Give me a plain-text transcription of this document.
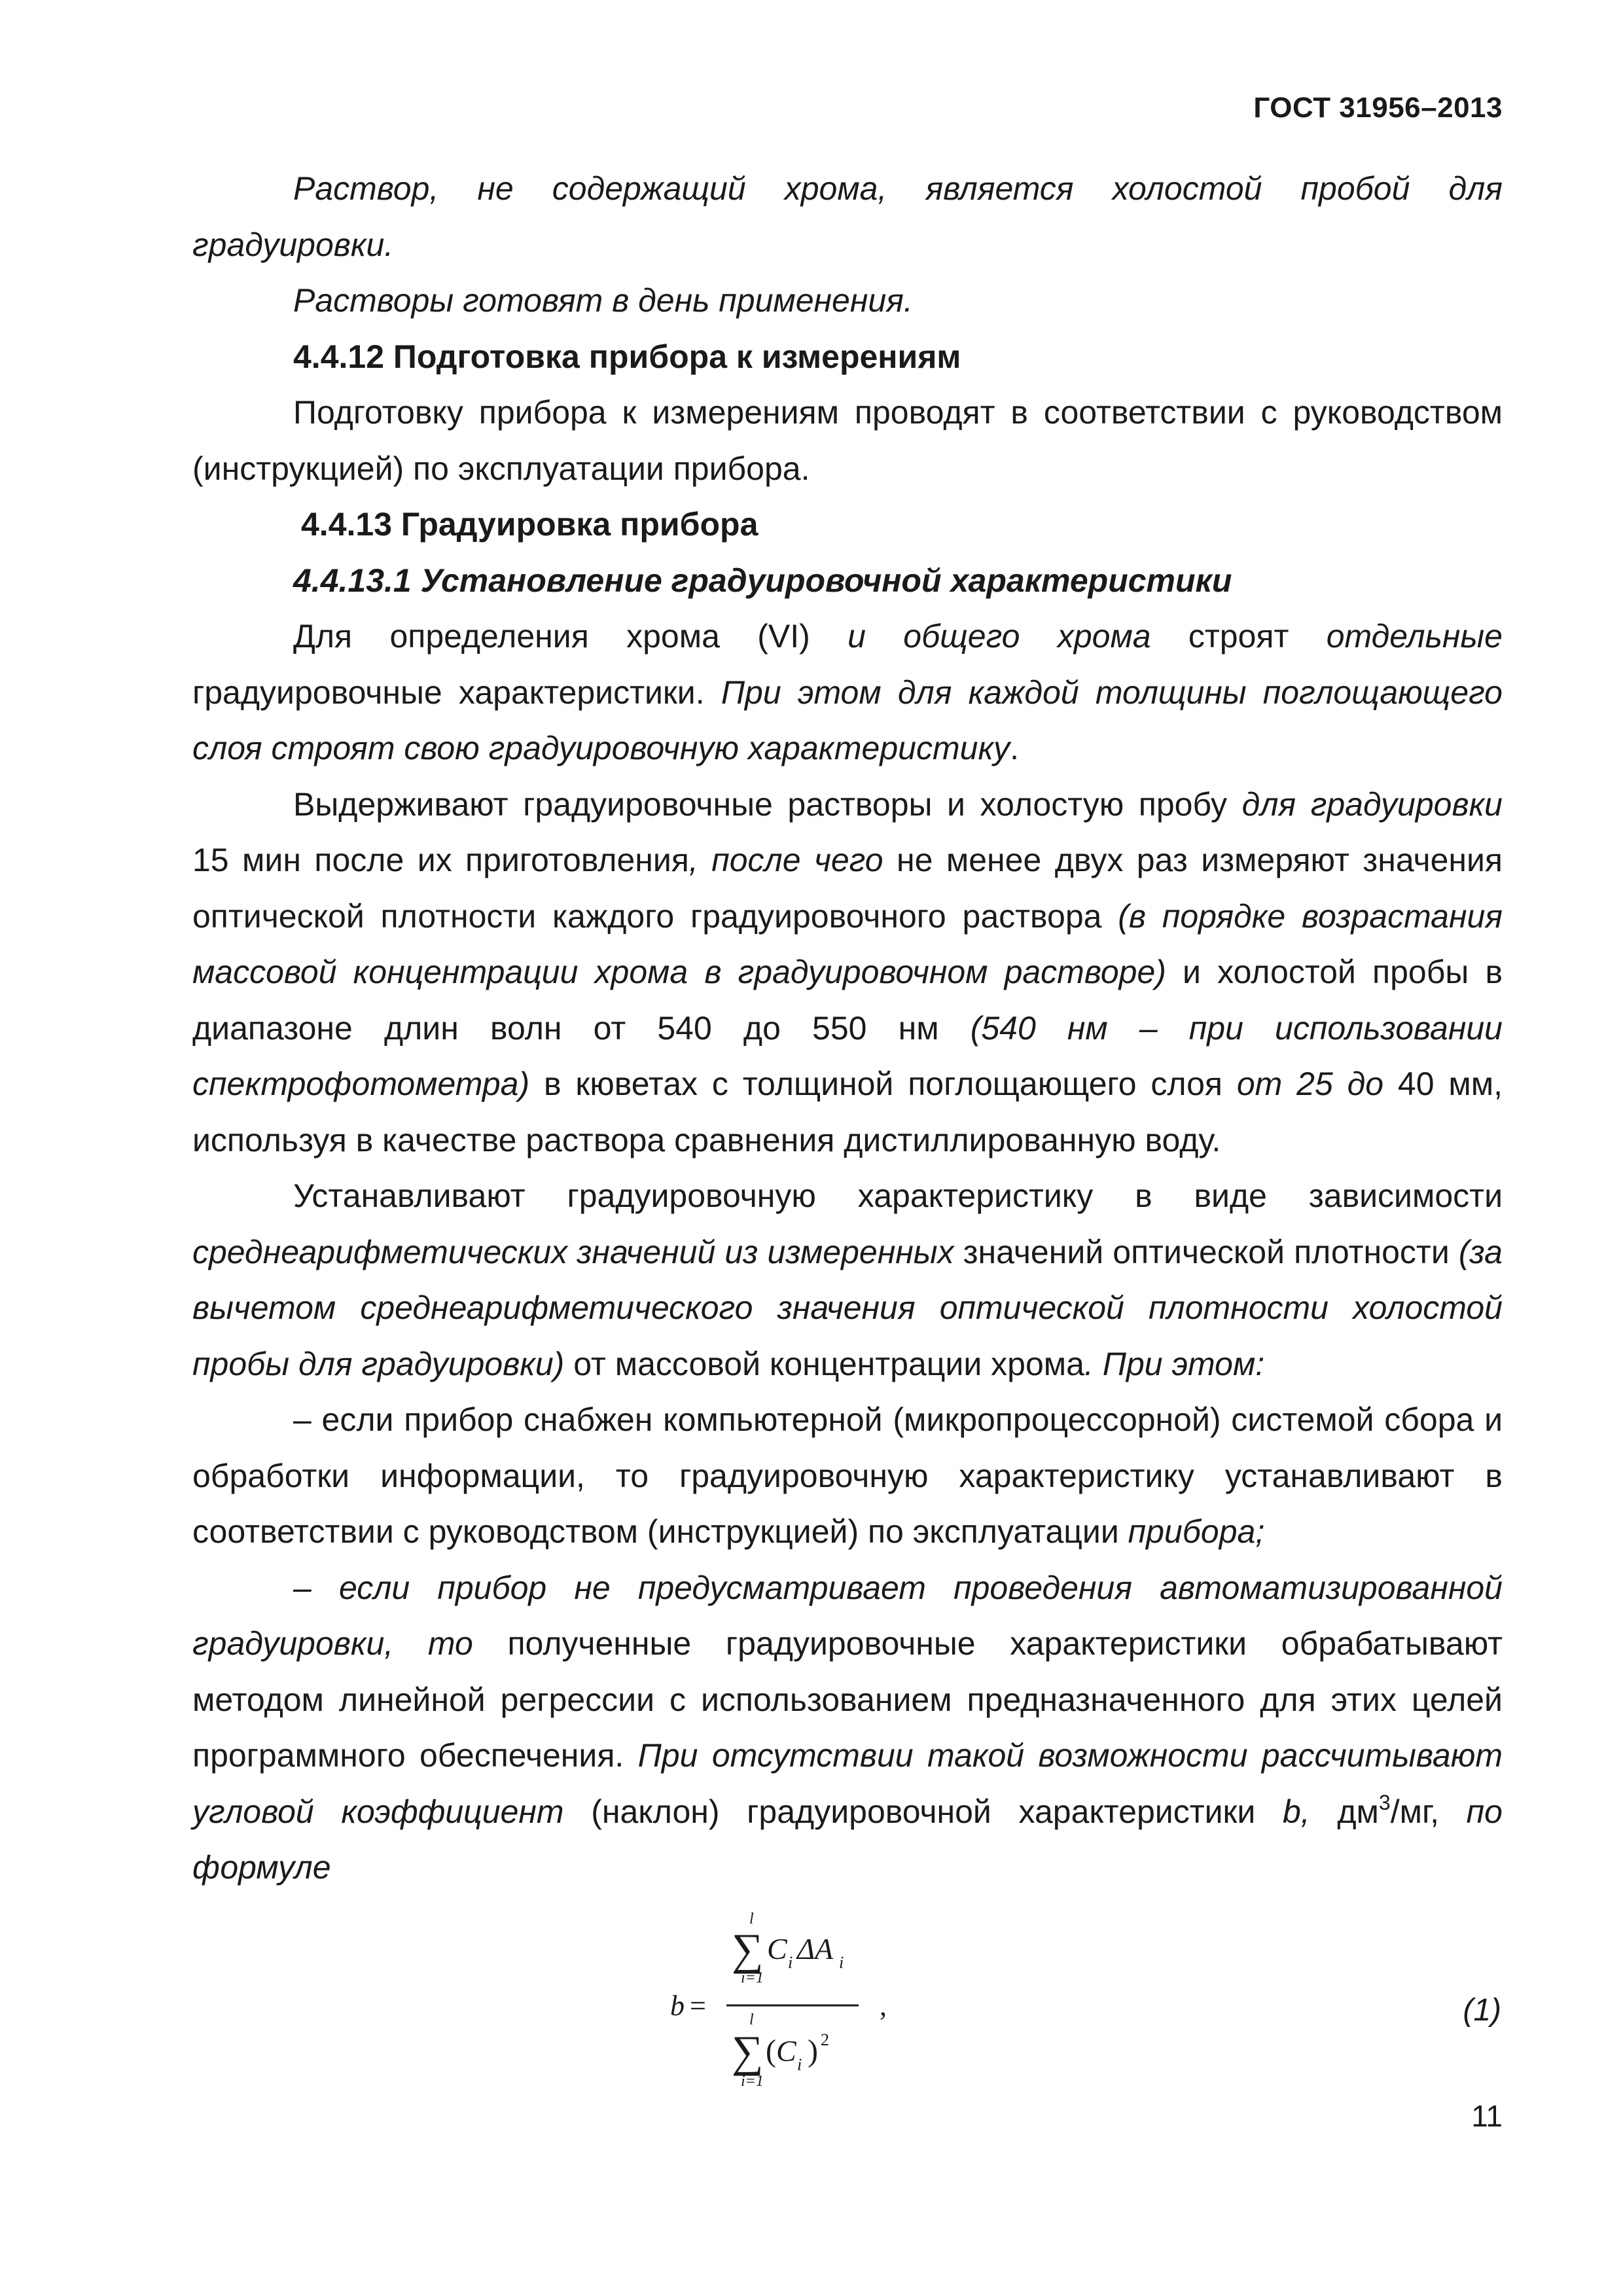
ГОСТ 31956–2013

Раствор, не содержащий хрома, является холостой пробой для градуировки.

Растворы готовят в день применения.

4.4.12 Подготовка прибора к измерениям

Подготовку прибора к измерениям проводят в соответствии с руководством (инструкцией) по эксплуатации прибора.

4.4.13 Градуировка прибора

4.4.13.1 Установление градуировочной характеристики

Для определения хрома (VI) и общего хрома строят отдельные градуировочные характеристики. При этом для каждой толщины поглощающего слоя строят свою градуировочную характеристику.

Выдерживают градуировочные растворы и холостую пробу для градуировки 15 мин после их приготовления, после чего не менее двух раз измеряют значения оптической плотности каждого градуировочного раствора (в порядке возрастания массовой концентрации хрома в градуировочном растворе) и холостой пробы в диапазоне длин волн от 540 до 550 нм (540 нм – при использовании спектрофотометра) в кюветах с толщиной поглощающего слоя от 25 до 40 мм, используя в качестве раствора сравнения дистиллированную воду.

Устанавливают градуировочную характеристику в виде зависимости среднеарифметических значений из измеренных значений оптической плотности (за вычетом среднеарифметического значения оптической плотности холостой пробы для градуировки) от массовой концентрации хрома. При этом:

– если прибор снабжен компьютерной (микропроцессорной) системой сбора и обработки информации, то градуировочную характеристику устанавливают в соответствии с руководством (инструкцией) по эксплуатации прибора;

– если прибор не предусматривает проведения автоматизированной градуировки, то полученные градуировочные характеристики обрабатывают методом линейной регрессии с использованием предназначенного для этих целей программного обеспечения. При отсутствии такой возможности рассчитывают угловой коэффициент (наклон) градуировочной характеристики b, $дм^3/мг$, по формуле

b =
l
∑
i=1
C i ΔA i
l
∑
i=1
( C i ) 2
,	(1)
11
